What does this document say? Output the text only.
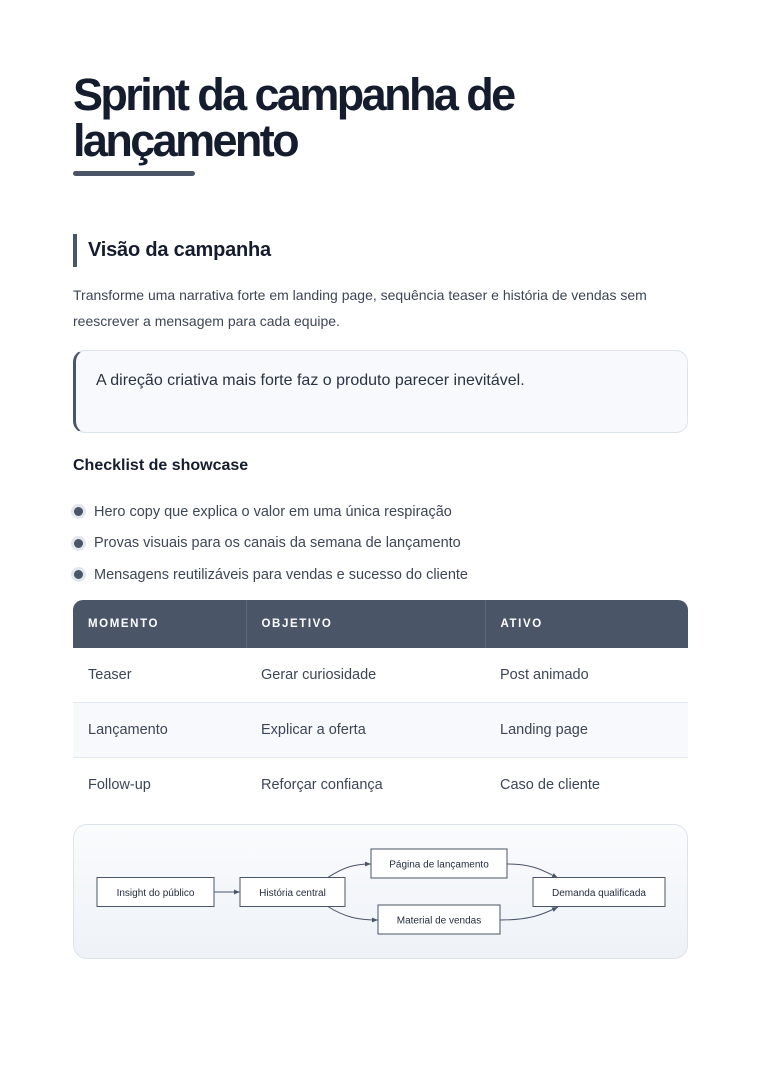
Sprint da campanha de lançamento
Visão da campanha

Transforme uma narrativa forte em landing page, sequência teaser e história de vendas sem reescrever a mensagem para cada equipe.

A direção criativa mais forte faz o produto parecer inevitável.
Checklist de showcase
Hero copy que explica o valor em uma única respiração
Provas visuais para os canais da semana de lançamento
Mensagens reutilizáveis para vendas e sucesso do cliente
MOMENTO	OBJETIVO	ATIVO
Teaser	Gerar curiosidade	Post animado
Lançamento	Explicar a oferta	Landing page
Follow-up	Reforçar confiança	Caso de cliente
Insight do público	História central
Página de lançamento
Material de vendas
Demanda qualificada
